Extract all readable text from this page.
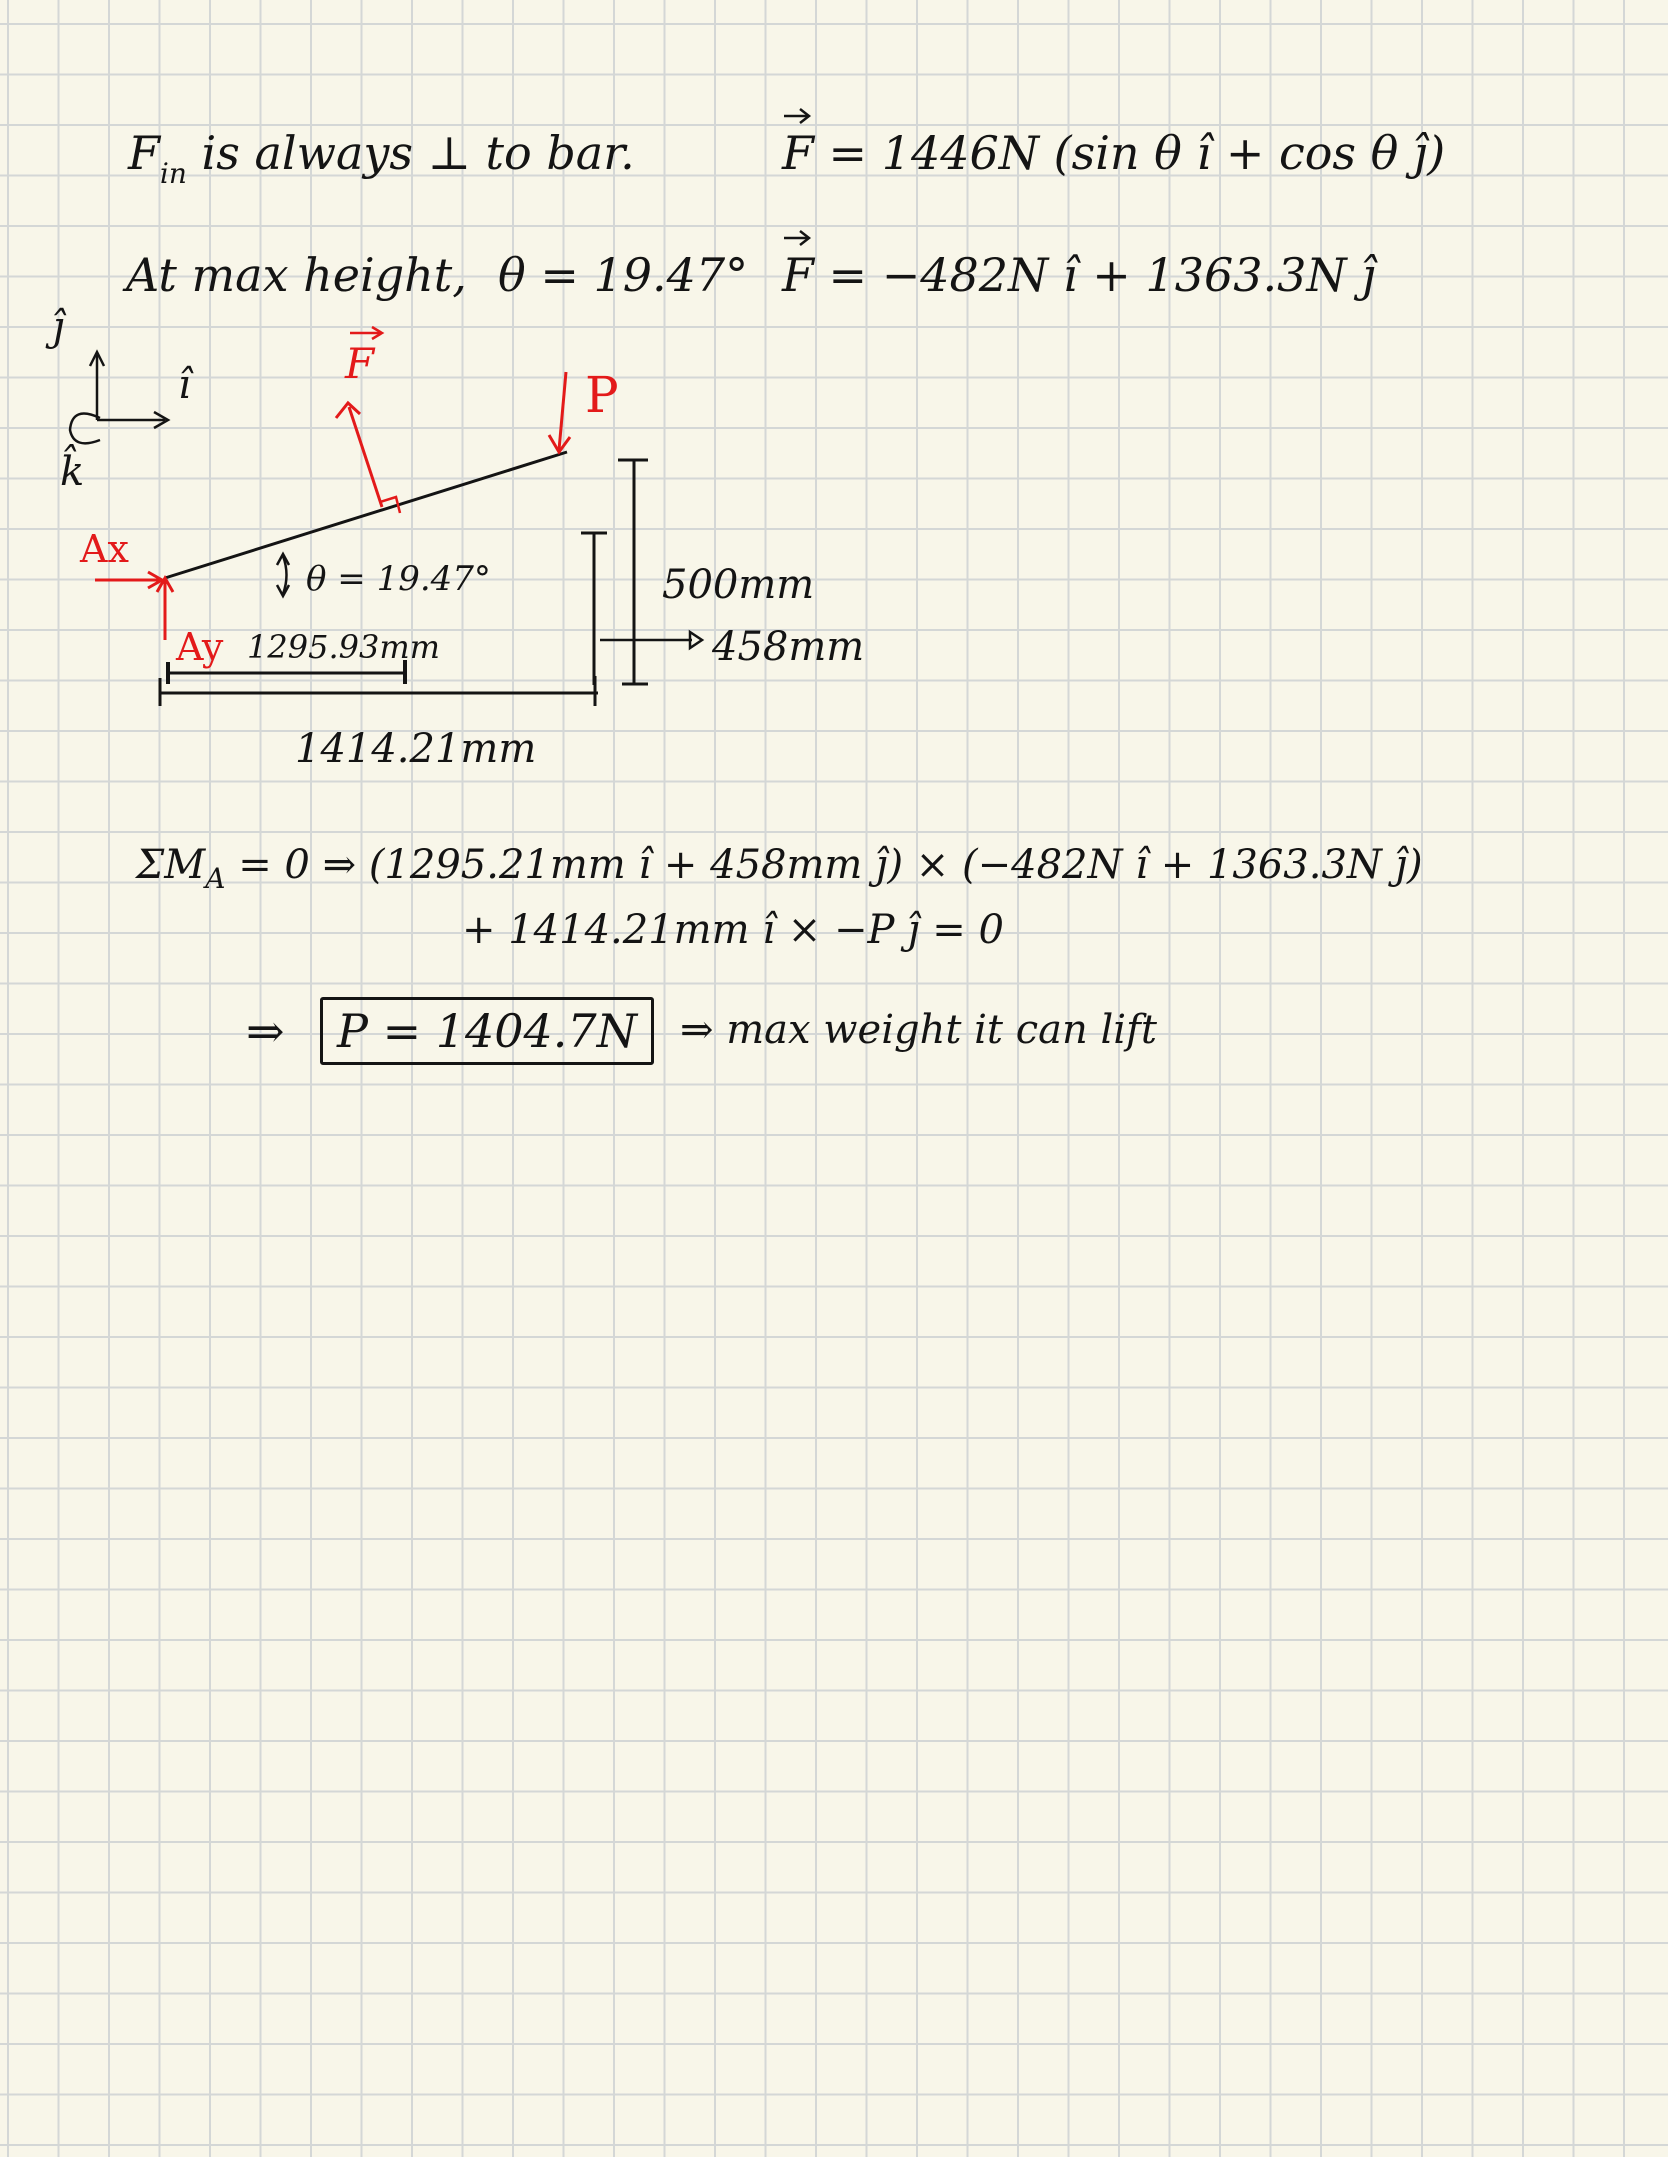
$F_{in}$ is always ⊥ to bar.	F = 1446N (sin θ î + cos θ ĵ)
At max height, θ = 19.47° F = −482N î + 1363.3N ĵ
ĵ
î
k̂
F
P
Ax
Ay
θ = 19.47°
1295.93mm
1414.21mm
500mm
458mm
$\Sigma M_A = 0$ ⇒ (1295.21mm î + 458mm ĵ) × (−482N î + 1363.3N ĵ)
+ 1414.21mm î × −P ĵ = 0
⇒	P = 1404.7N	⇒ max weight it can lift
